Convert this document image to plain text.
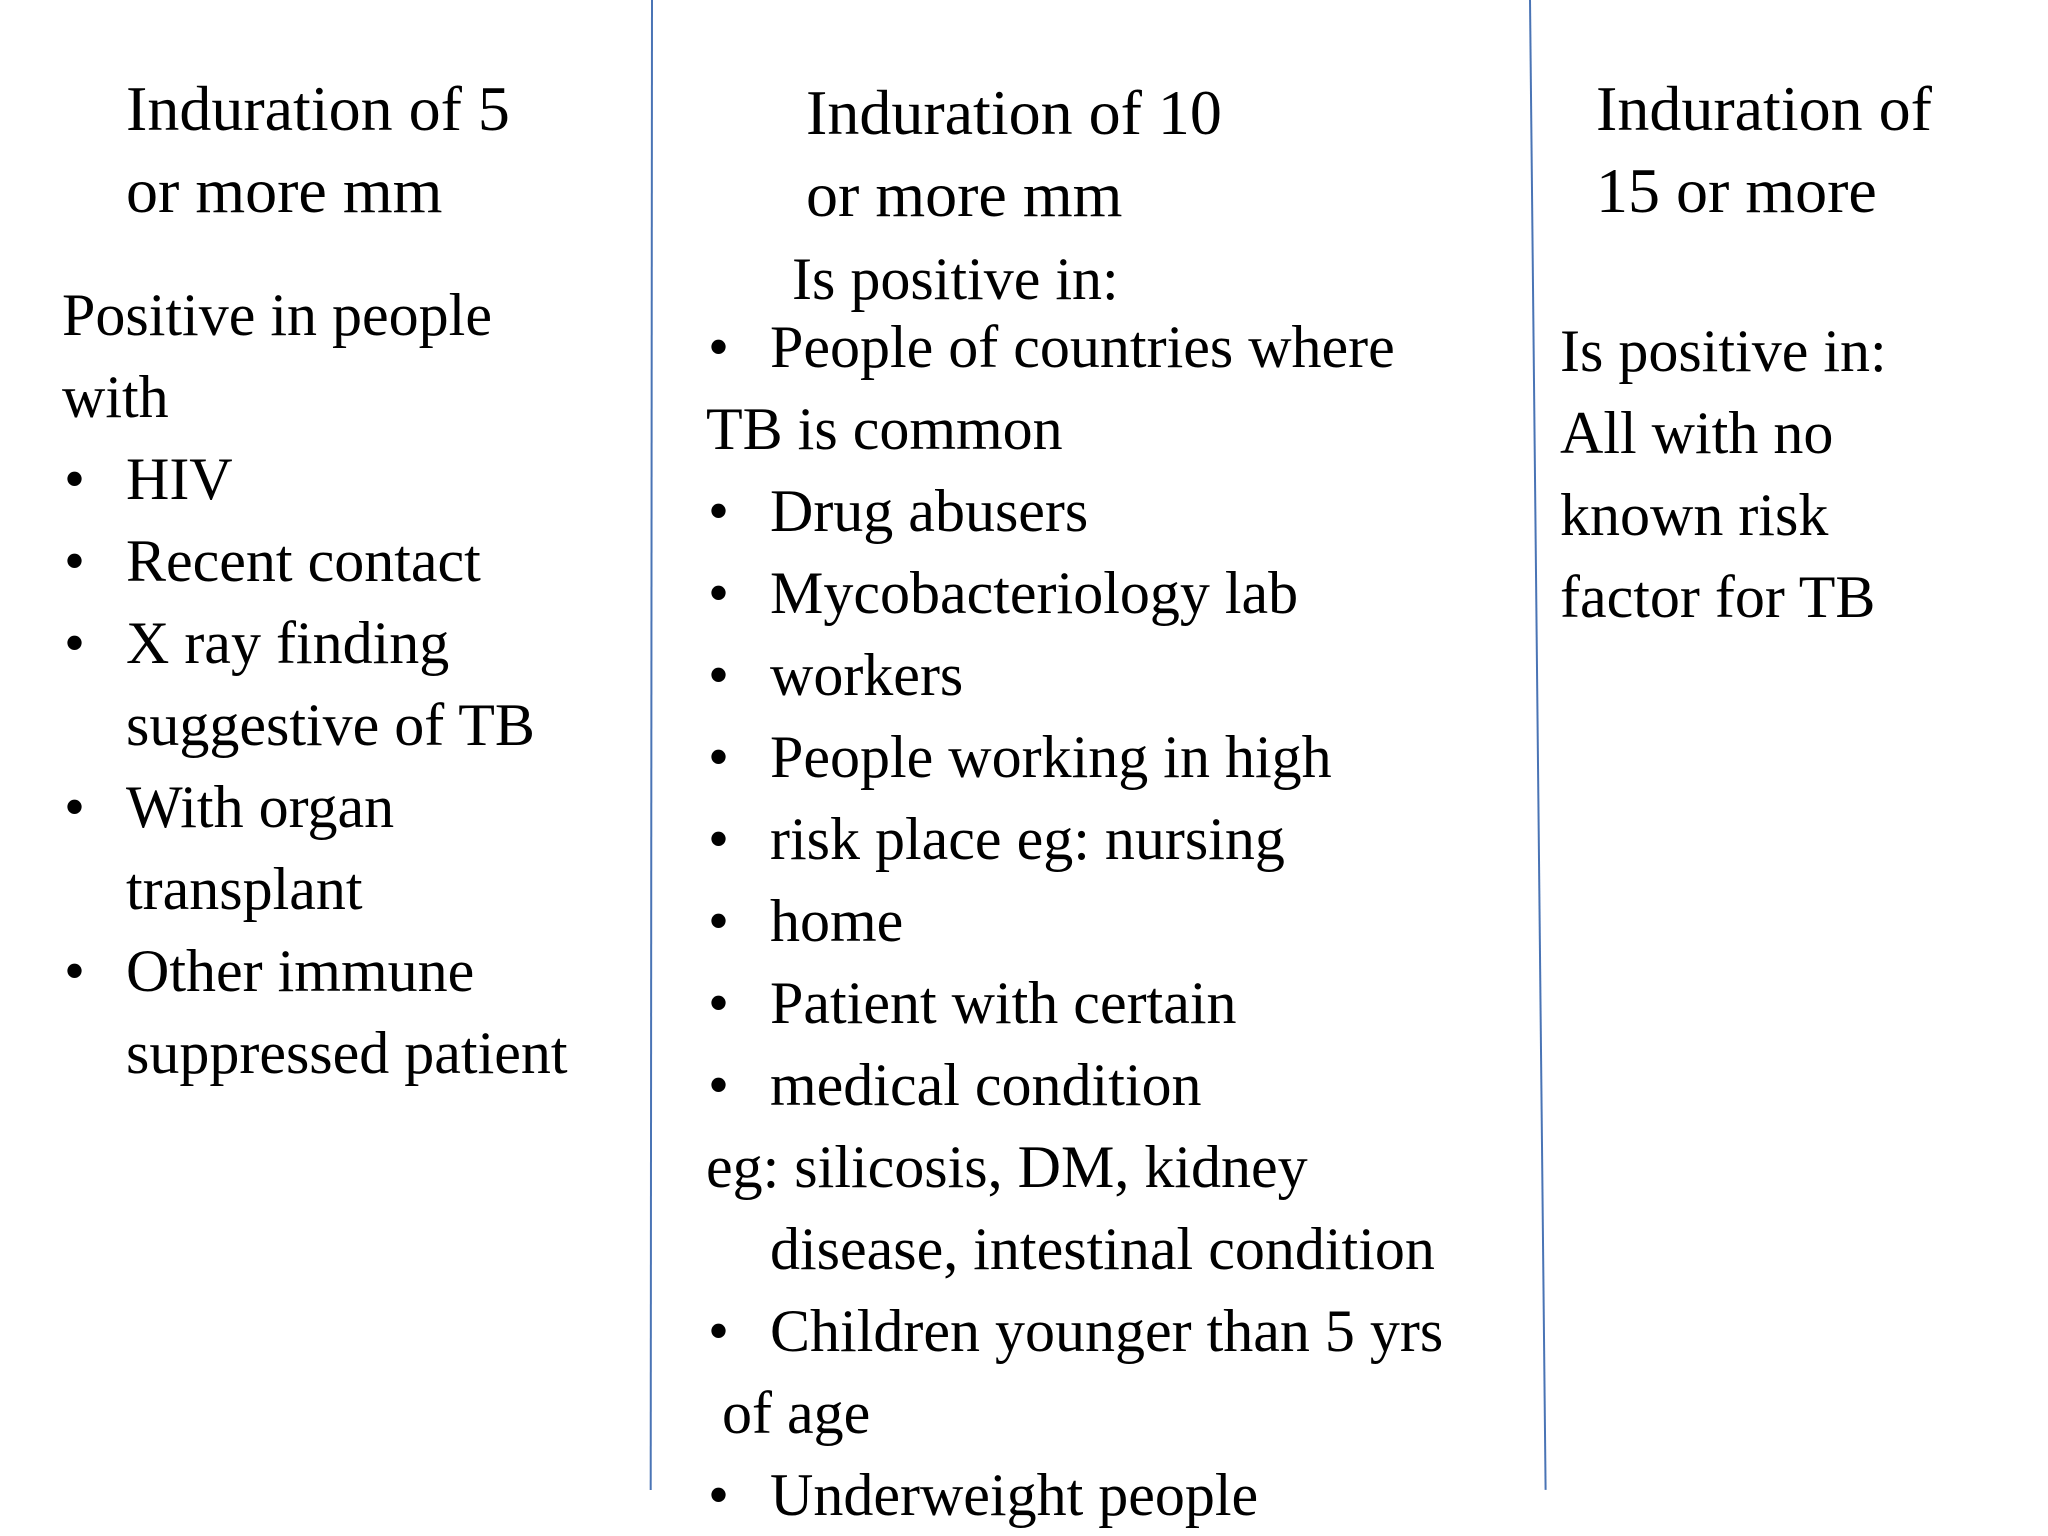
Induration of 5

or more mm

Positive in people

with

• HIV

• Recent contact

• X ray finding

suggestive of TB

• With organ

transplant

• Other immune

suppressed patient

Induration of 10

or more mm

Is positive in:

• People of countries where

TB is common

• Drug abusers

• Mycobacteriology lab

• workers

• People working in high

• risk place eg: nursing

• home

• Patient with certain

• medical condition

eg: silicosis, DM, kidney

disease, intestinal condition

• Children younger than 5 yrs

of age

• Underweight people

Induration of

15 or more

Is positive in:

All with no

known risk

factor for TB
